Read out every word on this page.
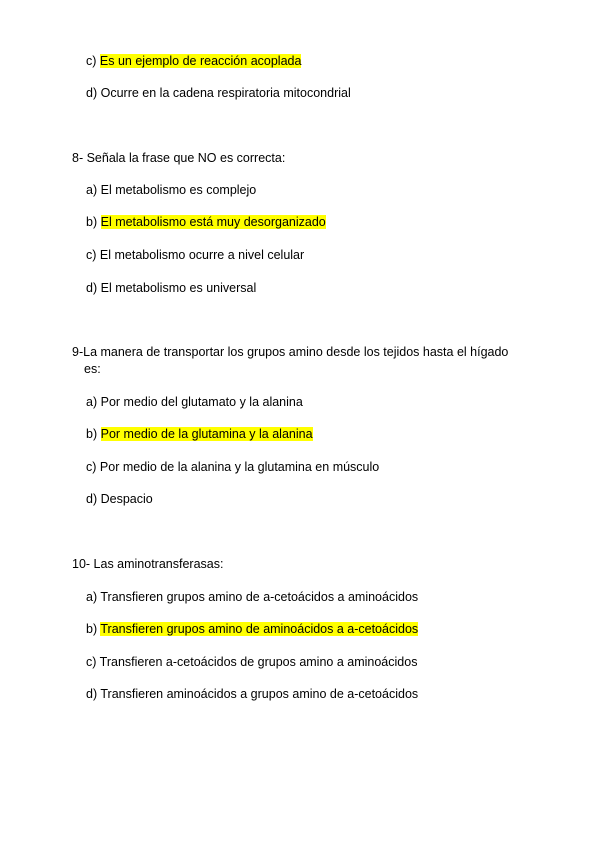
c) Es un ejemplo de reacción acoplada
d) Ocurre en la cadena respiratoria mitocondrial
8- Señala la frase que NO es correcta:
a) El metabolismo es complejo
b) El metabolismo está muy desorganizado
c) El metabolismo ocurre a nivel celular
d) El metabolismo es universal
9-La manera de transportar los grupos amino desde los tejidos hasta el hígado
es:
a) Por medio del glutamato y la alanina
b) Por medio de la glutamina y la alanina
c) Por medio de la alanina y la glutamina en músculo
d) Despacio
10- Las aminotransferasas:
a) Transfieren grupos amino de a-cetoácidos a aminoácidos
b) Transfieren grupos amino de aminoácidos a a-cetoácidos
c) Transfieren a-cetoácidos de grupos amino a aminoácidos
d) Transfieren aminoácidos a grupos amino de a-cetoácidos
